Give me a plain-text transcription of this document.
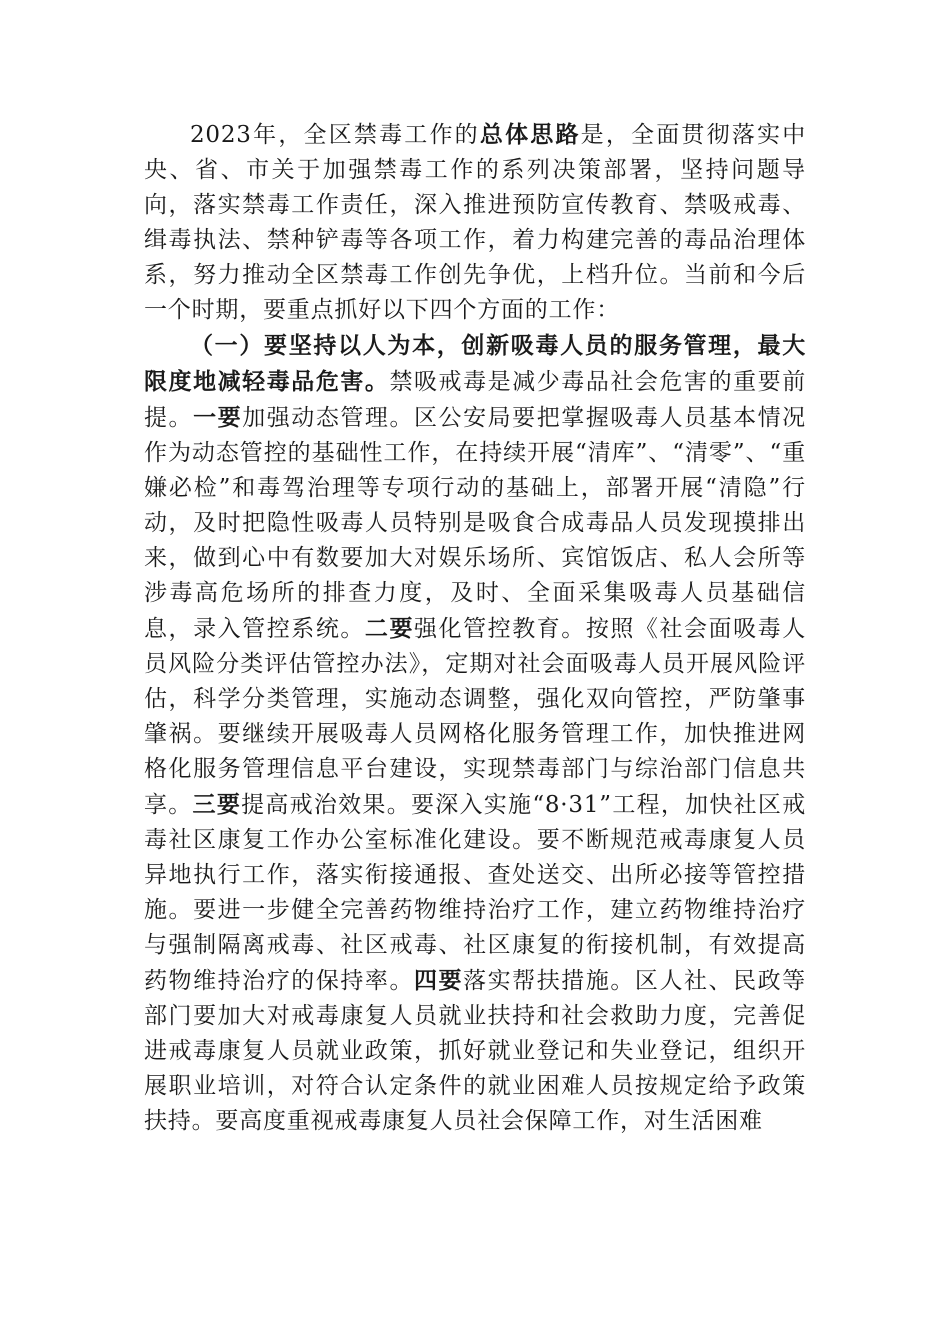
2023年，全区禁毒工作的总体思路是，全面贯彻落实中央、省、市关于加强禁毒工作的系列决策部署，坚持问题导向，落实禁毒工作责任，深入推进预防宣传教育、禁吸戒毒、缉毒执法、禁种铲毒等各项工作，着力构建完善的毒品治理体系，努力推动全区禁毒工作创先争优，上档升位。当前和今后一个时期，要重点抓好以下四个方面的工作：

（一）要坚持以人为本，创新吸毒人员的服务管理，最大限度地减轻毒品危害。禁吸戒毒是减少毒品社会危害的重要前提。一要加强动态管理。区公安局要把掌握吸毒人员基本情况作为动态管控的基础性工作，在持续开展“清库”、“清零”、“重嫌必检”和毒驾治理等专项行动的基础上，部署开展“清隐”行动，及时把隐性吸毒人员特别是吸食合成毒品人员发现摸排出来，做到心中有数要加大对娱乐场所、宾馆饭店、私人会所等涉毒高危场所的排查力度，及时、全面采集吸毒人员基础信息，录入管控系统。二要强化管控教育。按照《社会面吸毒人员风险分类评估管控办法》，定期对社会面吸毒人员开展风险评估，科学分类管理，实施动态调整，强化双向管控，严防肇事肇祸。要继续开展吸毒人员网格化服务管理工作，加快推进网格化服务管理信息平台建设，实现禁毒部门与综治部门信息共享。三要提高戒治效果。要深入实施“8·31”工程，加快社区戒毒社区康复工作办公室标准化建设。要不断规范戒毒康复人员异地执行工作，落实衔接通报、查处送交、出所必接等管控措施。要进一步健全完善药物维持治疗工作，建立药物维持治疗与强制隔离戒毒、社区戒毒、社区康复的衔接机制，有效提高药物维持治疗的保持率。四要落实帮扶措施。区人社、民政等部门要加大对戒毒康复人员就业扶持和社会救助力度，完善促进戒毒康复人员就业政策，抓好就业登记和失业登记，组织开展职业培训，对符合认定条件的就业困难人员按规定给予政策扶持。要高度重视戒毒康复人员社会保障工作，对生活困难
